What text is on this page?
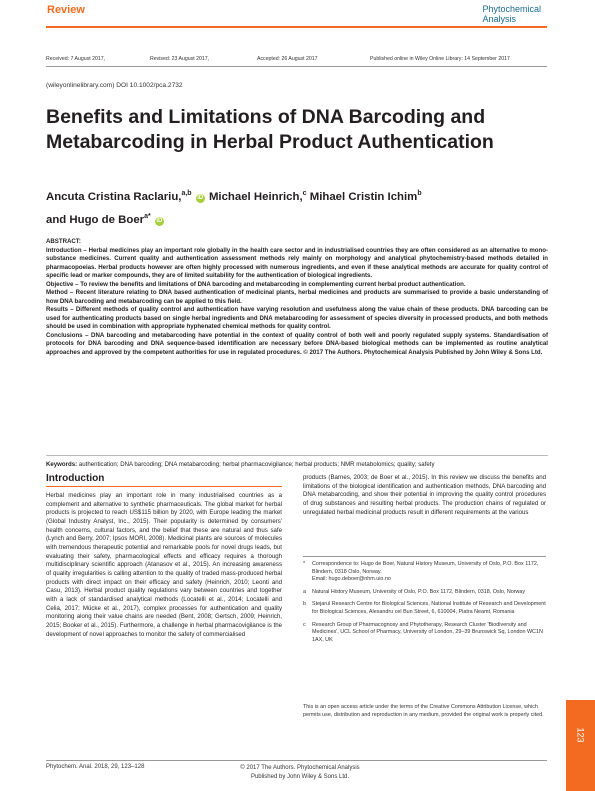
Review	Phytochemical
Analysis
Received: 7 August 2017,	Revised: 23 August 2017,	Accepted: 26 August 2017	Published online in Wiley Online Library: 14 September 2017
(wileyonlinelibrary.com) DOI 10.1002/pca.2732
Benefits and Limitations of DNA Barcoding and Metabarcoding in Herbal Product Authentication
Ancuta Cristina Raclariu,$^{a,b}$ iD Michael Heinrich,$^c$ Mihael Cristin Ichim$^b$
and Hugo de Boer$^{a*}$ iD

ABSTRACT:

Introduction – Herbal medicines play an important role globally in the health care sector and in industrialised countries they are often considered as an alternative to mono-substance medicines. Current quality and authentication assessment methods rely mainly on morphology and analytical phytochemistry-based methods detailed in pharmacopoeias. Herbal products however are often highly processed with numerous ingredients, and even if these analytical methods are accurate for quality control of specific lead or marker compounds, they are of limited suitability for the authentication of biological ingredients.

Objective – To review the benefits and limitations of DNA barcoding and metabarcoding in complementing current herbal product authentication.

Method – Recent literature relating to DNA based authentication of medicinal plants, herbal medicines and products are summarised to provide a basic understanding of how DNA barcoding and metabarcoding can be applied to this field.

Results – Different methods of quality control and authentication have varying resolution and usefulness along the value chain of these products. DNA barcoding can be used for authenticating products based on single herbal ingredients and DNA metabarcoding for assessment of species diversity in processed products, and both methods should be used in combination with appropriate hyphenated chemical methods for quality control.

Conclusions – DNA barcoding and metabarcoding have potential in the context of quality control of both well and poorly regulated supply systems. Standardisation of protocols for DNA barcoding and DNA sequence-based identification are necessary before DNA-based biological methods can be implemented as routine analytical approaches and approved by the competent authorities for use in regulated procedures. © 2017 The Authors. Phytochemical Analysis Published by John Wiley & Sons Ltd.

Keywords: authentication; DNA barcoding; DNA metabarcoding; herbal pharmacovigilance; herbal products; NMR metabolomics; quality; safety
Introduction

Herbal medicines play an important role in many industrialised countries as a complement and alternative to synthetic pharmaceuticals. The global market for herbal products is projected to reach US$115 billion by 2020, with Europe leading the market (Global Industry Analyst, Inc., 2015). Their popularity is determined by consumers' health concerns, cultural factors, and the belief that these are natural and thus safe (Lynch and Berry, 2007; Ipsos MORI, 2008). Medicinal plants are sources of molecules with tremendous therapeutic potential and remarkable pools for novel drugs leads, but evaluating their safety, pharmacological effects and efficacy requires a thorough multidisciplinary scientific approach (Atanasov et al., 2015). An increasing awareness of quality irregularities is calling attention to the quality of traded mass-produced herbal products with direct impact on their efficacy and safety (Heinrich, 2010; Leonti and Casu, 2013). Herbal product quality regulations vary between countries and together with a lack of standardised analytical methods (Locatelli et al., 2014; Locatelli and Celia, 2017; Mücke et al., 2017), complex processes for authentication and quality monitoring along their value chains are needed (Bent, 2008; Gertsch, 2009; Heinrich, 2015; Booker et al., 2015). Furthermore, a challenge in herbal pharmacovigilance is the development of novel approaches to monitor the safety of commercialised

products (Barnes, 2003; de Boer et al., 2015). In this review we discuss the benefits and limitations of the biological identification and authentication methods, DNA barcoding and DNA metabarcoding, and show their potential in improving the quality control procedures of drug substances and resulting herbal products. The production chains of regulated or unregulated herbal medicinal products result in different requirements at the various

* Correspondence to: Hugo de Boer, Natural History Museum, University of Oslo, P.O. Box 1172, Blindern, 0318 Oslo, Norway.
Email: hugo.deboer@nhm.uio.no
a Natural History Museum, University of Oslo, P.O. Box 1172, Blindern, 0318, Oslo, Norway
b Stejarul Research Centre for Biological Sciences, National Institute of Research and Development for Biological Sciences, Alexandru cel Bun Street, 6, 610004, Piatra Neamt, Romania
c Research Group of Pharmacognosy and Phytotherapy, Research Cluster 'Biodiversity and Medicines', UCL School of Pharmacy, University of London, 29–39 Brunswick Sq, London WC1N 1AX, UK
This is an open access article under the terms of the Creative Commons Attribution License, which permits use, distribution and reproduction in any medium, provided the original work is properly cited.
123
Phytochem. Anal. 2018, 29, 123–128	© 2017 The Authors. Phytochemical Analysis
Published by John Wiley & Sons Ltd.
